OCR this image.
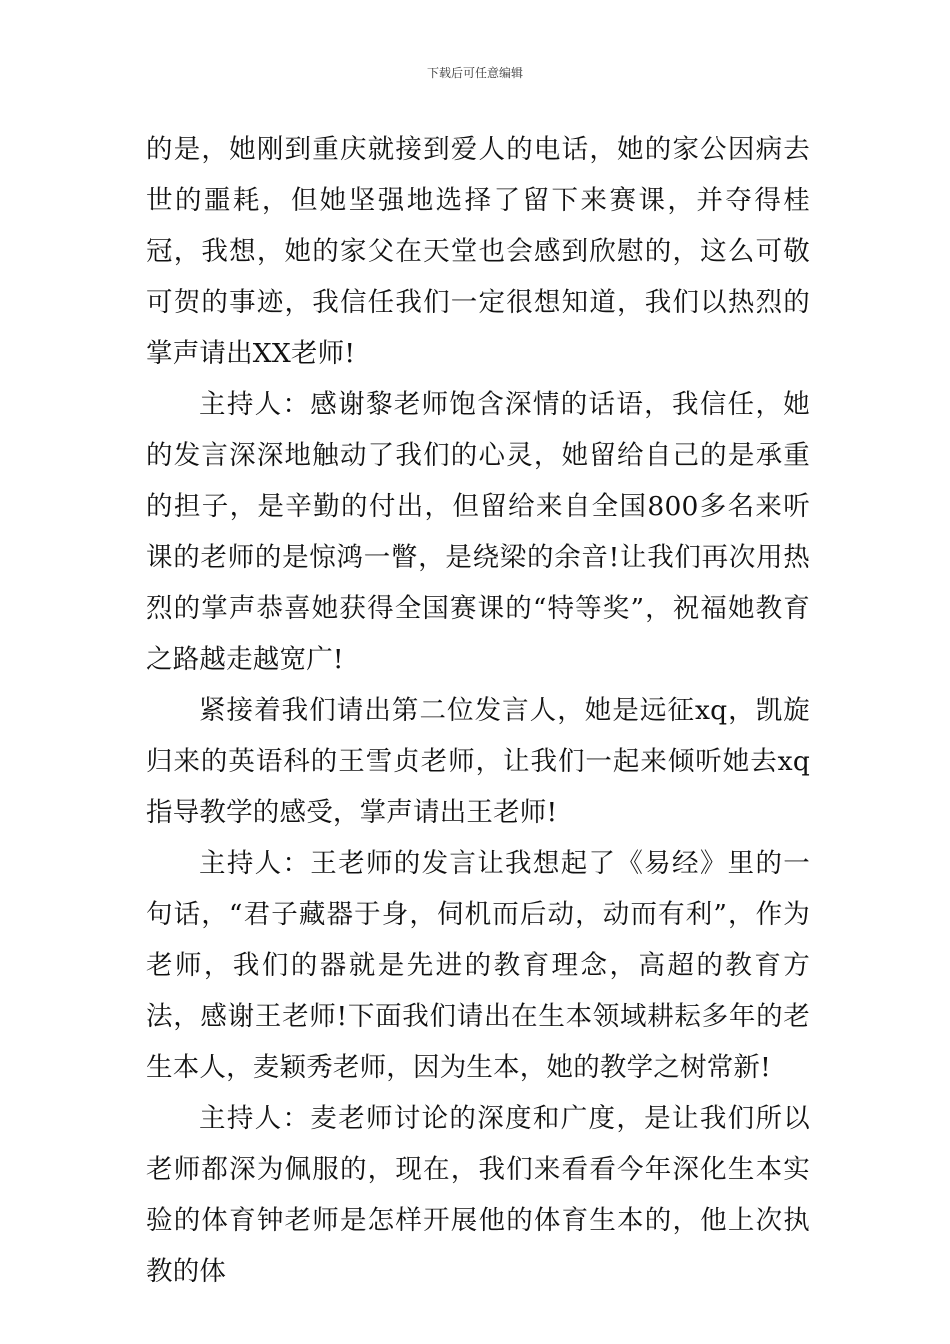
下载后可任意编辑

的是，她刚到重庆就接到爱人的电话，她的家公因病去世的噩耗，但她坚强地选择了留下来赛课，并夺得桂冠，我想，她的家父在天堂也会感到欣慰的，这么可敬可贺的事迹，我信任我们一定很想知道，我们以热烈的掌声请出XX老师!

主持人：感谢黎老师饱含深情的话语，我信任，她的发言深深地触动了我们的心灵，她留给自己的是承重的担子，是辛勤的付出，但留给来自全国800多名来听课的老师的是惊鸿一瞥，是绕梁的余音!让我们再次用热烈的掌声恭喜她获得全国赛课的“特等奖”，祝福她教育之路越走越宽广!

紧接着我们请出第二位发言人，她是远征xq，凯旋归来的英语科的王雪贞老师，让我们一起来倾听她去xq指导教学的感受，掌声请出王老师!

主持人：王老师的发言让我想起了《易经》里的一句话，“君子藏器于身，伺机而后动，动而有利”，作为老师，我们的器就是先进的教育理念，高超的教育方法，感谢王老师!下面我们请出在生本领域耕耘多年的老生本人，麦颖秀老师，因为生本，她的教学之树常新!

主持人：麦老师讨论的深度和广度，是让我们所以老师都深为佩服的，现在，我们来看看今年深化生本实验的体育钟老师是怎样开展他的体育生本的，他上次执教的体
